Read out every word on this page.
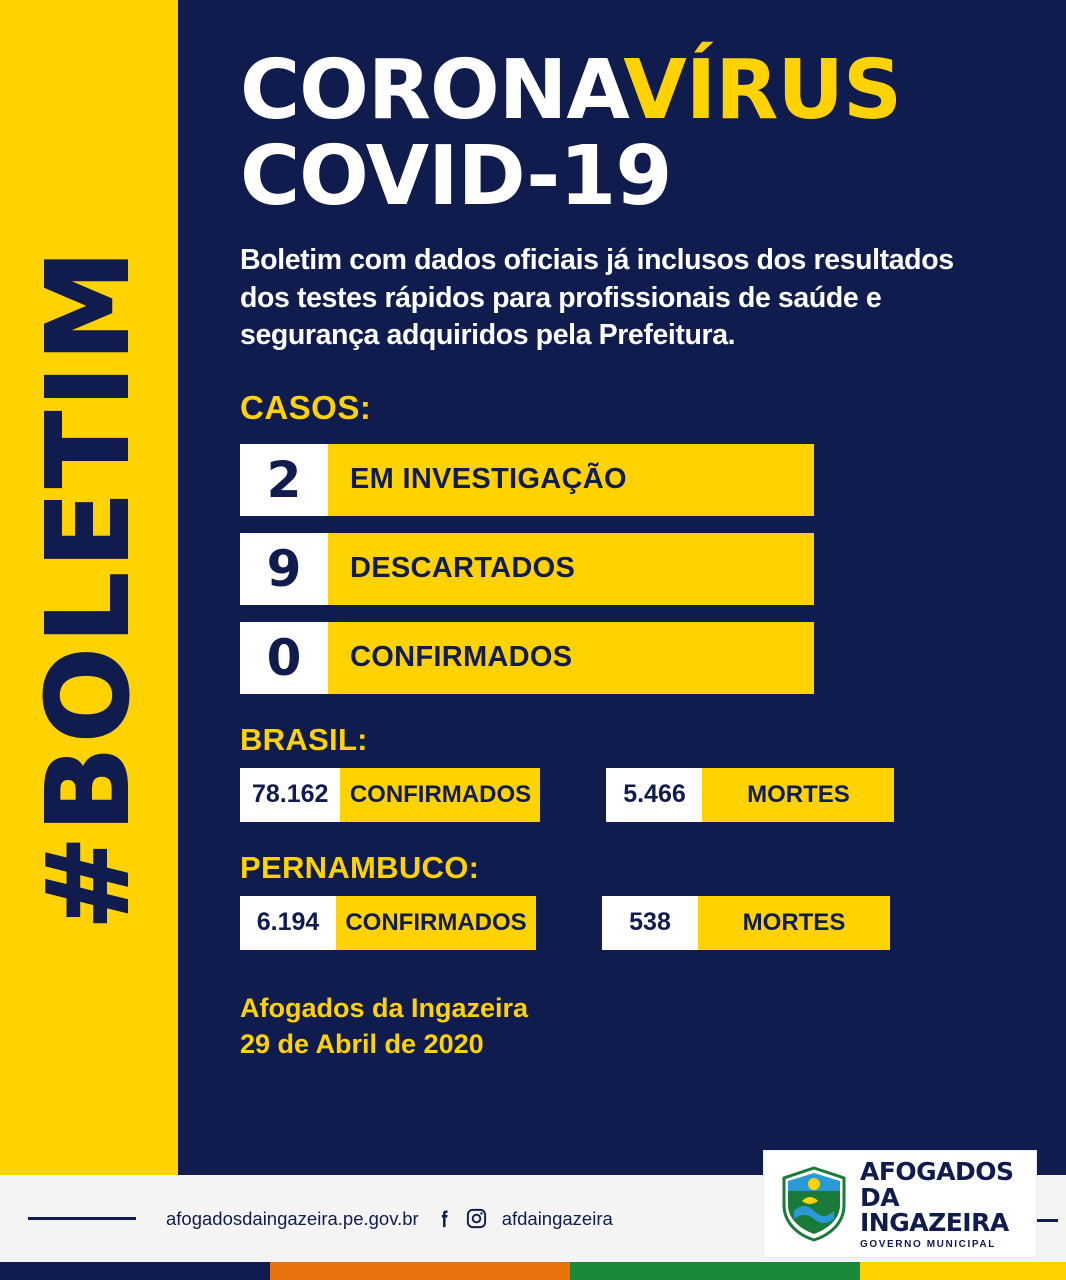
#BOLETIM
CORONAVÍRUS
COVID-19
Boletim com dados oficiais já inclusos dos resultados dos testes rápidos para profissionais de saúde e segurança adquiridos pela Prefeitura.
CASOS:
2	EM INVESTIGAÇÃO
9	DESCARTADOS
0	CONFIRMADOS
BRASIL:
78.162 CONFIRMADOS	5.466	MORTES
PERNAMBUCO:
6.194	CONFIRMADOS	538	MORTES
Afogados da Ingazeira
29 de Abril de 2020
afogadosdaingazeira.pe.gov.br	afdaingazeira
AFOGADOS
DA INGAZEIRA
GOVERNO MUNICIPAL
